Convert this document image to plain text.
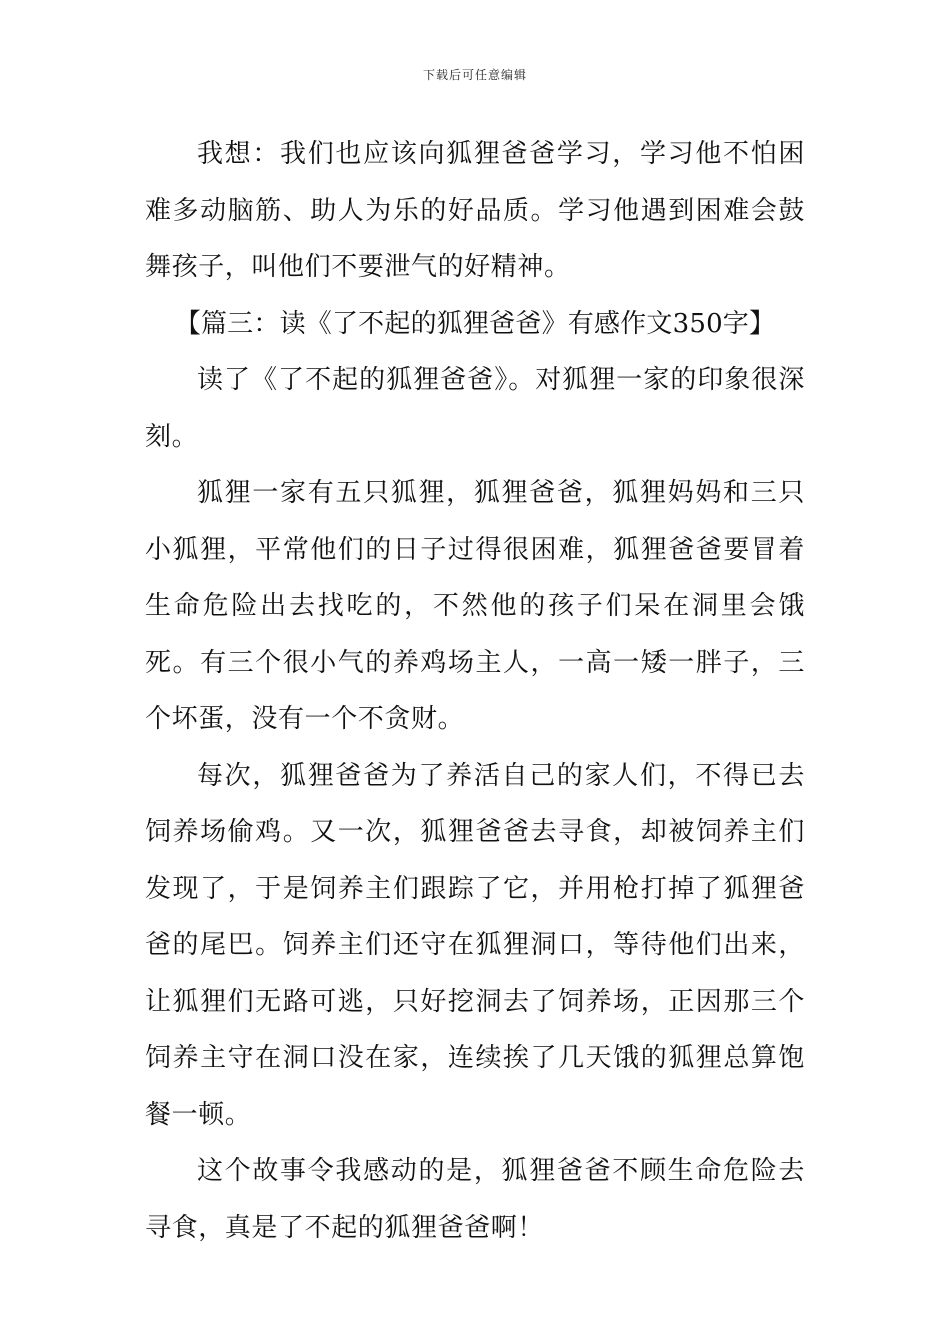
下载后可任意编辑

我想：我们也应该向狐狸爸爸学习，学习他不怕困难多动脑筋、助人为乐的好品质。学习他遇到困难会鼓舞孩子，叫他们不要泄气的好精神。

【篇三：读《了不起的狐狸爸爸》有感作文350字】

读了《了不起的狐狸爸爸》。对狐狸一家的印象很深刻。

狐狸一家有五只狐狸，狐狸爸爸，狐狸妈妈和三只小狐狸，平常他们的日子过得很困难，狐狸爸爸要冒着生命危险出去找吃的，不然他的孩子们呆在洞里会饿死。有三个很小气的养鸡场主人，一高一矮一胖子，三个坏蛋，没有一个不贪财。

每次，狐狸爸爸为了养活自己的家人们，不得已去饲养场偷鸡。又一次，狐狸爸爸去寻食，却被饲养主们发现了，于是饲养主们跟踪了它，并用枪打掉了狐狸爸爸的尾巴。饲养主们还守在狐狸洞口，等待他们出来，让狐狸们无路可逃，只好挖洞去了饲养场，正因那三个饲养主守在洞口没在家，连续挨了几天饿的狐狸总算饱餐一顿。

这个故事令我感动的是，狐狸爸爸不顾生命危险去寻食，真是了不起的狐狸爸爸啊！
